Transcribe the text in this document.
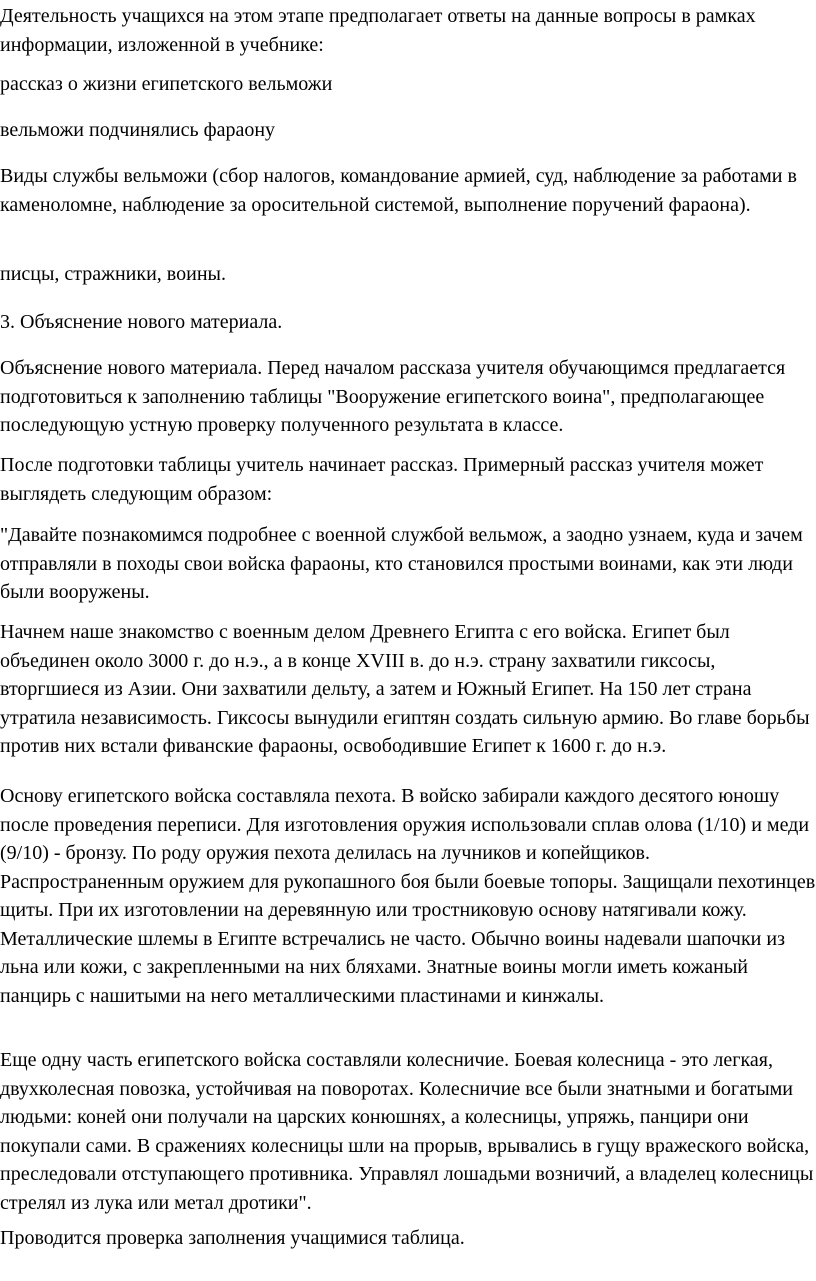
Деятельность учащихся на этом этапе предполагает ответы на данные вопросы в рамках информации, изложенной в учебнике:

рассказ о жизни египетского вельможи

вельможи подчинялись фараону

Виды службы вельможи (сбор налогов, командование армией, суд, наблюдение за работами в каменоломне, наблюдение за оросительной системой, выполнение поручений фараона).

писцы, стражники, воины.

3. Объяснение нового материала.

Объяснение нового материала. Перед началом рассказа учителя обучающимся предлагается подготовиться к заполнению таблицы "Вооружение египетского воина", предполагающее последующую устную проверку полученного результата в классе.

После подготовки таблицы учитель начинает рассказ. Примерный рассказ учителя может выглядеть следующим образом:

"Давайте познакомимся подробнее с военной службой вельмож, а заодно узнаем, куда и зачем отправляли в походы свои войска фараоны, кто становился простыми воинами, как эти люди были вооружены.

Начнем наше знакомство с военным делом Древнего Египта с его войска. Египет был объединен около 3000 г. до н.э., а в конце XVIII в. до н.э. страну захватили гиксосы, вторгшиеся из Азии. Они захватили дельту, а затем и Южный Египет. На 150 лет страна утратила независимость. Гиксосы вынудили египтян создать сильную армию. Во главе борьбы против них встали фиванские фараоны, освободившие Египет к 1600 г. до н.э.

Основу египетского войска составляла пехота. В войско забирали каждого десятого юношу после проведения переписи. Для изготовления оружия использовали сплав олова (1/10) и меди (9/10) - бронзу. По роду оружия пехота делилась на лучников и копейщиков. Распространенным оружием для рукопашного боя были боевые топоры. Защищали пехотинцев щиты. При их изготовлении на деревянную или тростниковую основу натягивали кожу. Металлические шлемы в Египте встречались не часто. Обычно воины надевали шапочки из льна или кожи, с закрепленными на них бляхами. Знатные воины могли иметь кожаный панцирь с нашитыми на него металлическими пластинами и кинжалы.

Еще одну часть египетского войска составляли колесничие. Боевая колесница - это легкая, двухколесная повозка, устойчивая на поворотах. Колесничие все были знатными и богатыми людьми: коней они получали на царских конюшнях, а колесницы, упряжь, панцири они покупали сами. В сражениях колесницы шли на прорыв, врывались в гущу вражеского войска, преследовали отступающего противника. Управлял лошадьми возничий, а владелец колесницы стрелял из лука или метал дротики".

Проводится проверка заполнения учащимися таблица.
